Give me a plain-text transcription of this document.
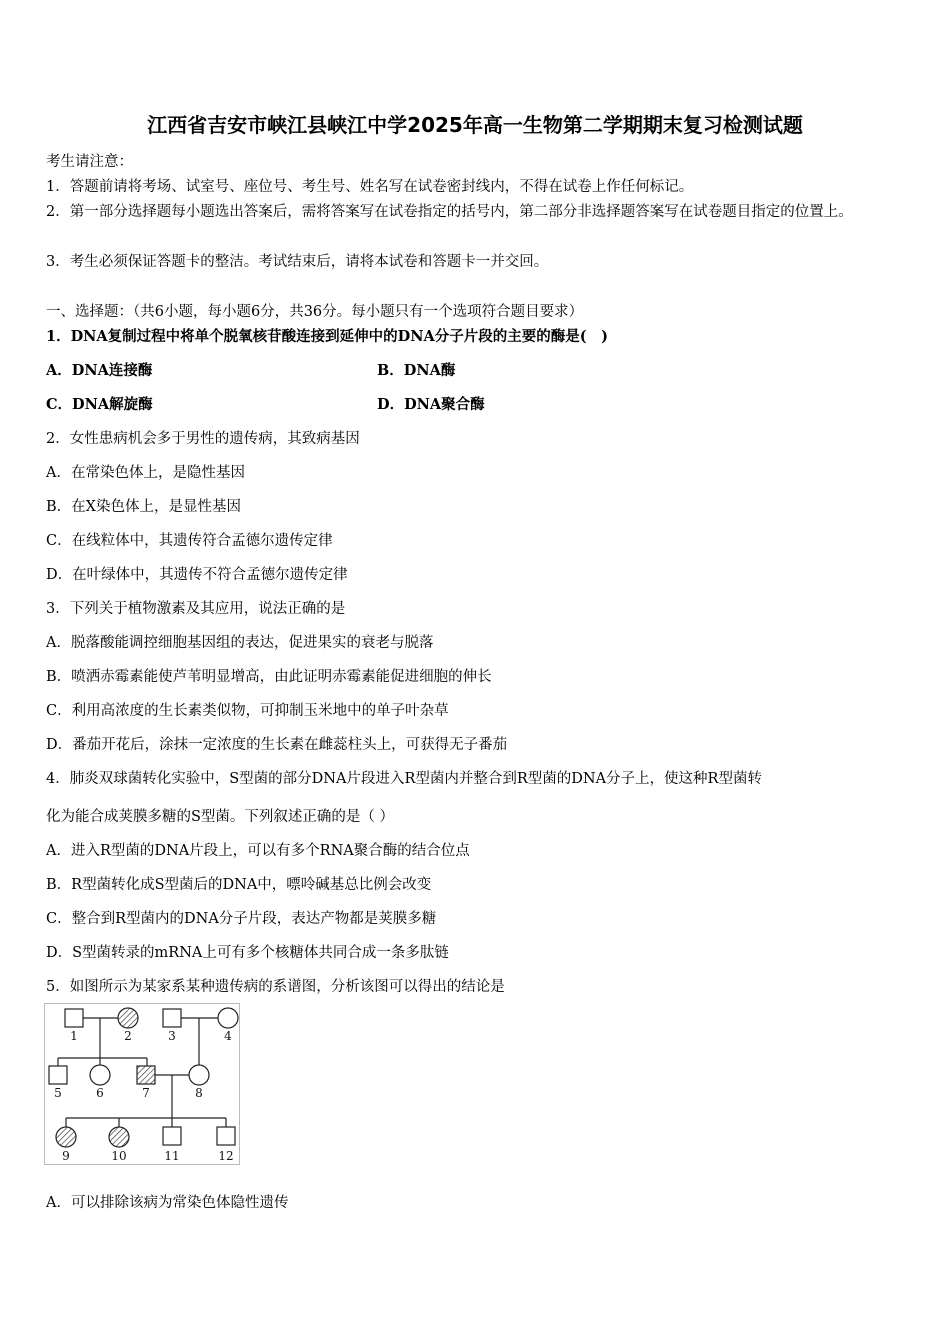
江西省吉安市峡江县峡江中学2025年高一生物第二学期期末复习检测试题
考生请注意：
1．答题前请将考场、试室号、座位号、考生号、姓名写在试卷密封线内，不得在试卷上作任何标记。
2．第一部分选择题每小题选出答案后，需将答案写在试卷指定的括号内，第二部分非选择题答案写在试卷题目指定的位置上。
3．考生必须保证答题卡的整洁。考试结束后，请将本试卷和答题卡一并交回。
一、选择题：（共6小题，每小题6分，共36分。每小题只有一个选项符合题目要求）
1．DNA复制过程中将单个脱氧核苷酸连接到延伸中的DNA分子片段的主要的酶是(　)
A．DNA连接酶	B．DNA酶
C．DNA解旋酶	D．DNA聚合酶
2．女性患病机会多于男性的遗传病，其致病基因
A．在常染色体上，是隐性基因
B．在X染色体上，是显性基因
C．在线粒体中，其遗传符合孟德尔遗传定律
D．在叶绿体中，其遗传不符合孟德尔遗传定律
3．下列关于植物激素及其应用，说法正确的是
A．脱落酸能调控细胞基因组的表达，促进果实的衰老与脱落
B．喷洒赤霉素能使芦苇明显增高，由此证明赤霉素能促进细胞的伸长
C．利用高浓度的生长素类似物，可抑制玉米地中的单子叶杂草
D．番茄开花后，涂抹一定浓度的生长素在雌蕊柱头上，可获得无子番茄
4．肺炎双球菌转化实验中，S型菌的部分DNA片段进入R型菌内并整合到R型菌的DNA分子上，使这种R型菌转
化为能合成荚膜多糖的S型菌。下列叙述正确的是（ ）
A．进入R型菌的DNA片段上，可以有多个RNA聚合酶的结合位点
B．R型菌转化成S型菌后的DNA中，嘌呤碱基总比例会改变
C．整合到R型菌内的DNA分子片段，表达产物都是荚膜多糖
D．S型菌转录的mRNA上可有多个核糖体共同合成一条多肽链
5．如图所示为某家系某种遗传病的系谱图，分析该图可以得出的结论是
1	2	3	4
5	6	7	8
9	10	11	12
A．可以排除该病为常染色体隐性遗传
